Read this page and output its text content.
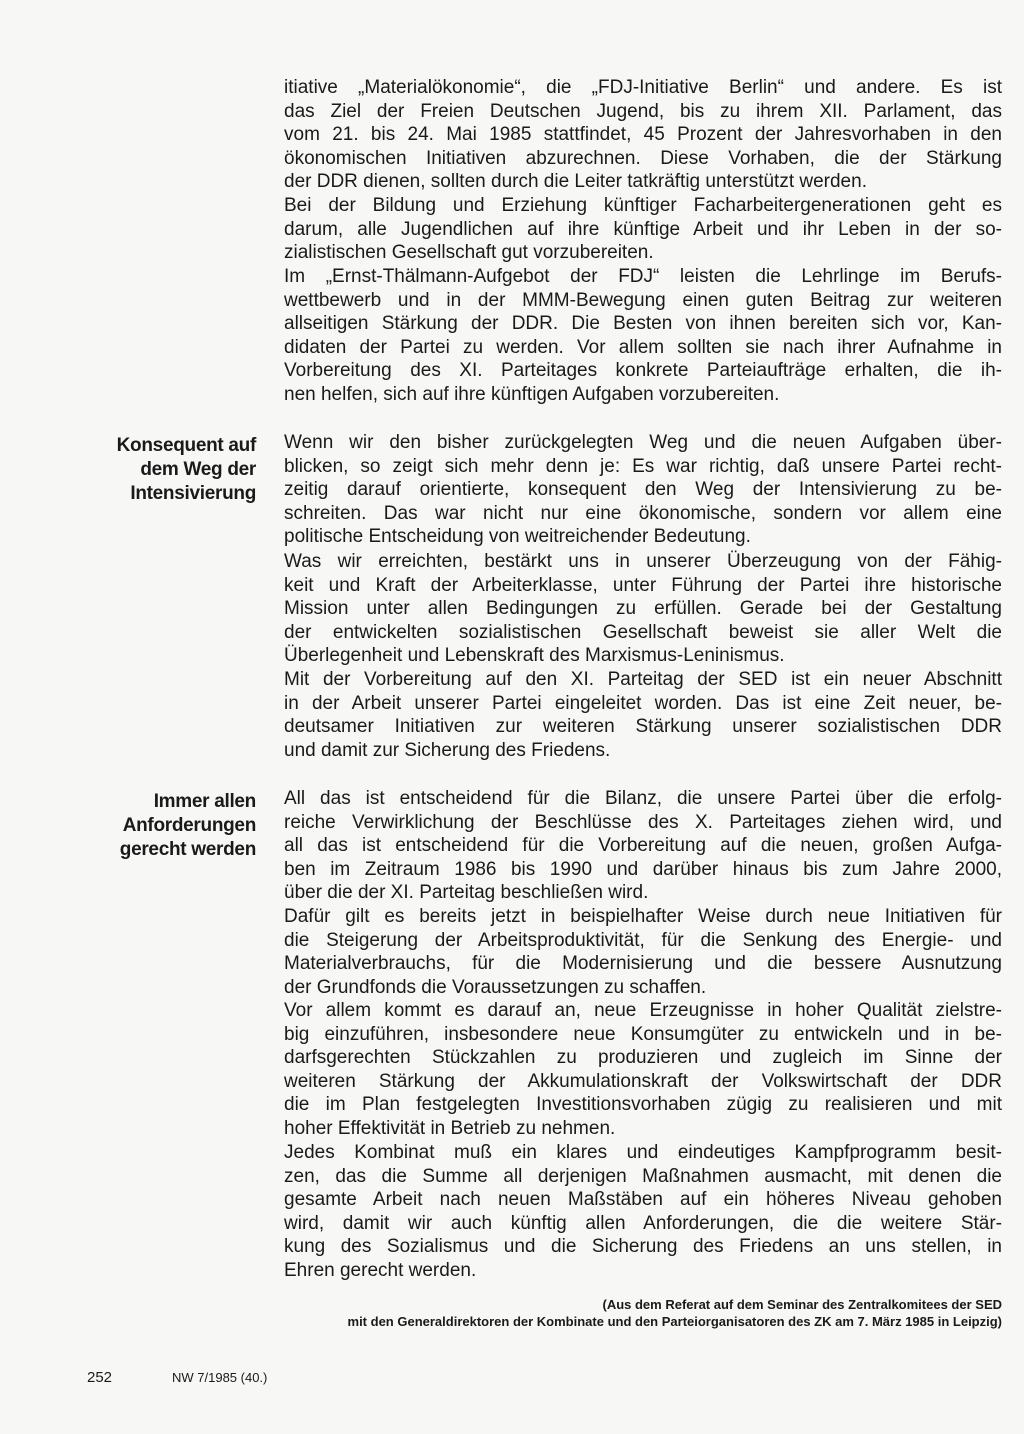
itiative „Materialökonomie“, die „FDJ-Initiative Berlin“ und andere. Es ist
das Ziel der Freien Deutschen Jugend, bis zu ihrem XII. Parlament, das
vom 21. bis 24. Mai 1985 stattfindet, 45 Prozent der Jahresvorhaben in den
ökonomischen Initiativen abzurechnen. Diese Vorhaben, die der Stärkung
der DDR dienen, sollten durch die Leiter tatkräftig unterstützt werden.
Bei der Bildung und Erziehung künftiger Facharbeitergenerationen geht es
darum, alle Jugendlichen auf ihre künftige Arbeit und ihr Leben in der so-
zialistischen Gesellschaft gut vorzubereiten.
Im „Ernst-Thälmann-Aufgebot der FDJ“ leisten die Lehrlinge im Berufs-
wettbewerb und in der MMM-Bewegung einen guten Beitrag zur weiteren
allseitigen Stärkung der DDR. Die Besten von ihnen bereiten sich vor, Kan-
didaten der Partei zu werden. Vor allem sollten sie nach ihrer Aufnahme in
Vorbereitung des XI. Parteitages konkrete Parteiaufträge erhalten, die ih-
nen helfen, sich auf ihre künftigen Aufgaben vorzubereiten.
Wenn wir den bisher zurückgelegten Weg und die neuen Aufgaben über-
blicken, so zeigt sich mehr denn je: Es war richtig, daß unsere Partei recht-
zeitig darauf orientierte, konsequent den Weg der Intensivierung zu be-
schreiten. Das war nicht nur eine ökonomische, sondern vor allem eine
politische Entscheidung von weitreichender Bedeutung.
Was wir erreichten, bestärkt uns in unserer Überzeugung von der Fähig-
keit und Kraft der Arbeiterklasse, unter Führung der Partei ihre historische
Mission unter allen Bedingungen zu erfüllen. Gerade bei der Gestaltung
der entwickelten sozialistischen Gesellschaft beweist sie aller Welt die
Überlegenheit und Lebenskraft des Marxismus-Leninismus.
Mit der Vorbereitung auf den XI. Parteitag der SED ist ein neuer Abschnitt
in der Arbeit unserer Partei eingeleitet worden. Das ist eine Zeit neuer, be-
deutsamer Initiativen zur weiteren Stärkung unserer sozialistischen DDR
und damit zur Sicherung des Friedens.
All das ist entscheidend für die Bilanz, die unsere Partei über die erfolg-
reiche Verwirklichung der Beschlüsse des X. Parteitages ziehen wird, und
all das ist entscheidend für die Vorbereitung auf die neuen, großen Aufga-
ben im Zeitraum 1986 bis 1990 und darüber hinaus bis zum Jahre 2000,
über die der XI. Parteitag beschließen wird.
Dafür gilt es bereits jetzt in beispielhafter Weise durch neue Initiativen für
die Steigerung der Arbeitsproduktivität, für die Senkung des Energie- und
Materialverbrauchs, für die Modernisierung und die bessere Ausnutzung
der Grundfonds die Voraussetzungen zu schaffen.
Vor allem kommt es darauf an, neue Erzeugnisse in hoher Qualität zielstre-
big einzuführen, insbesondere neue Konsumgüter zu entwickeln und in be-
darfsgerechten Stückzahlen zu produzieren und zugleich im Sinne der
weiteren Stärkung der Akkumulationskraft der Volkswirtschaft der DDR
die im Plan festgelegten Investitionsvorhaben zügig zu realisieren und mit
hoher Effektivität in Betrieb zu nehmen.
Jedes Kombinat muß ein klares und eindeutiges Kampfprogramm besit-
zen, das die Summe all derjenigen Maßnahmen ausmacht, mit denen die
gesamte Arbeit nach neuen Maßstäben auf ein höheres Niveau gehoben
wird, damit wir auch künftig allen Anforderungen, die die weitere Stär-
kung des Sozialismus und die Sicherung des Friedens an uns stellen, in
Ehren gerecht werden.
Konsequent auf
dem Weg der
Intensivierung
Immer allen
Anforderungen
gerecht werden
(Aus dem Referat auf dem Seminar des Zentralkomitees der SED
mit den Generaldirektoren der Kombinate und den Parteiorganisatoren des ZK am 7. März 1985 in Leipzig)
252	NW 7/1985 (40.)
